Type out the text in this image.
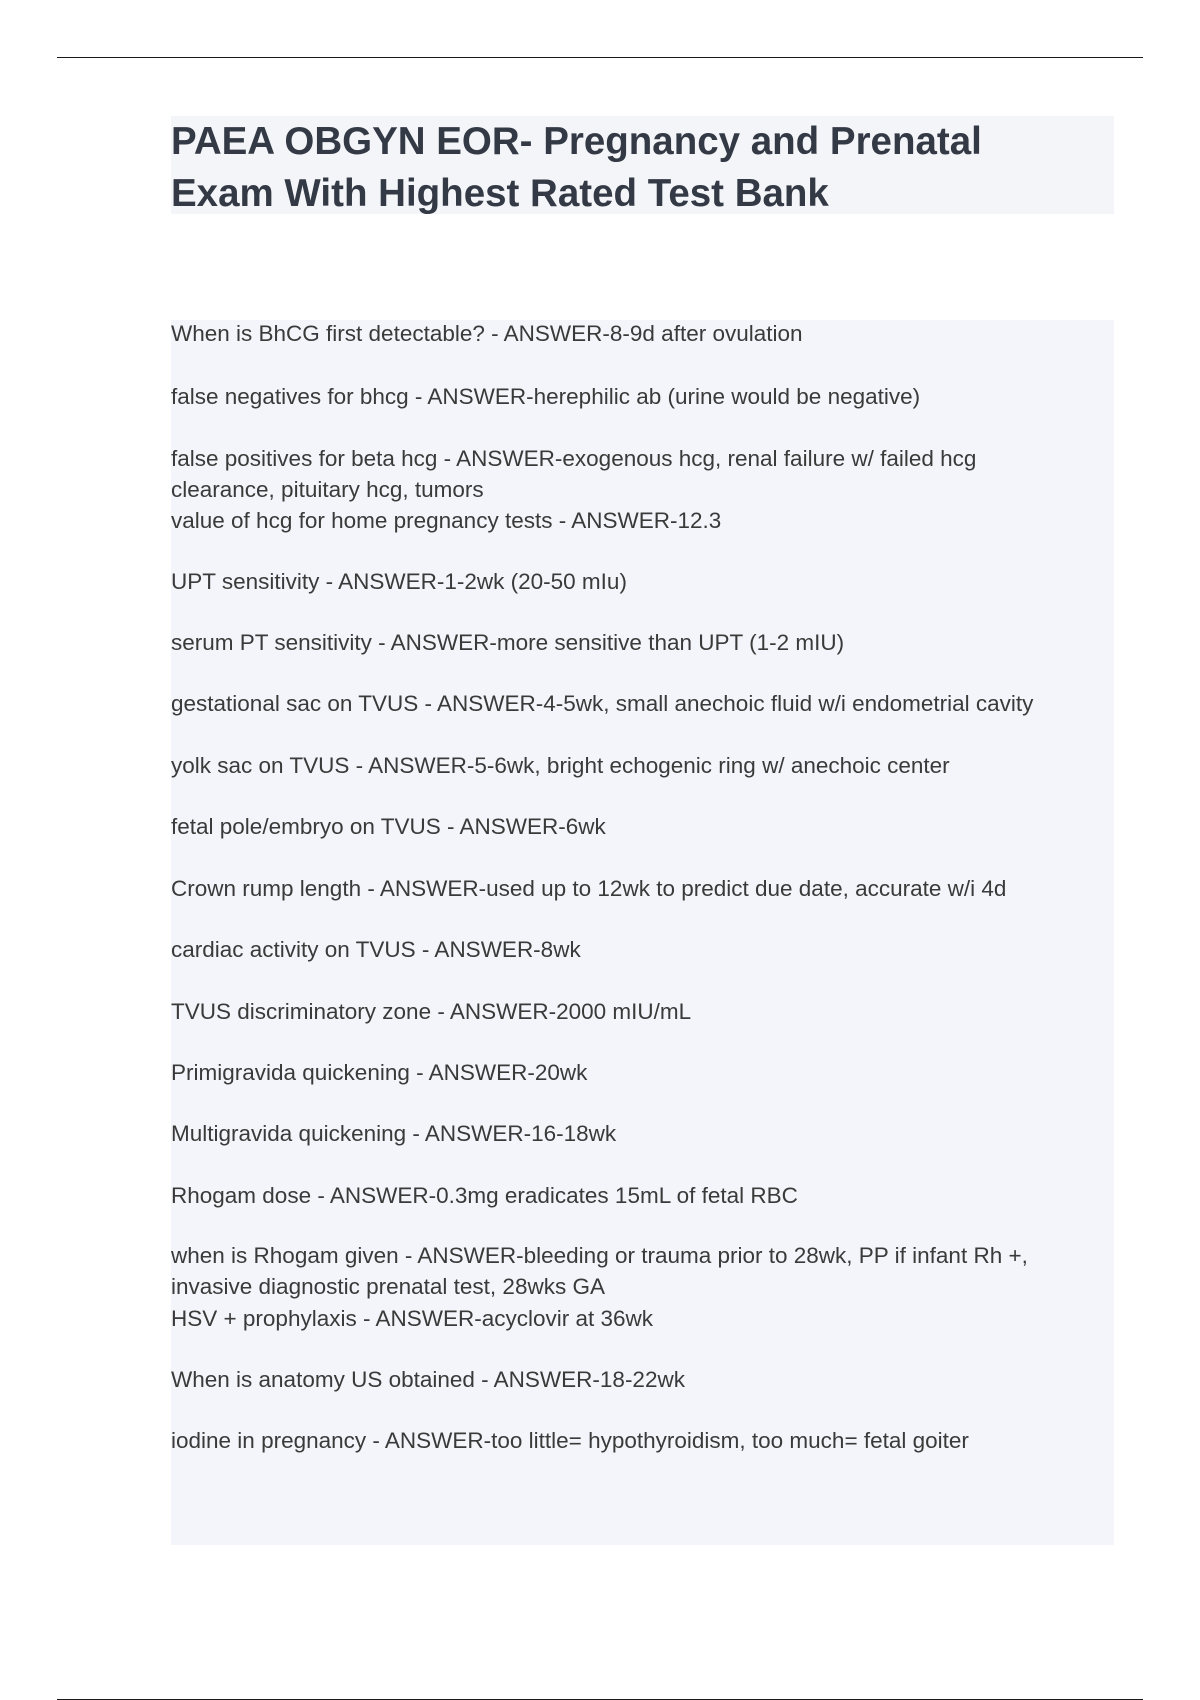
PAEA OBGYN EOR- Pregnancy and Prenatal
Exam With Highest Rated Test Bank
When is BhCG first detectable? - ANSWER-8-9d after ovulation
false negatives for bhcg - ANSWER-herephilic ab (urine would be negative)
false positives for beta hcg - ANSWER-exogenous hcg, renal failure w/ failed hcg
clearance, pituitary hcg, tumors
value of hcg for home pregnancy tests - ANSWER-12.3
UPT sensitivity - ANSWER-1-2wk (20-50 mIu)
serum PT sensitivity - ANSWER-more sensitive than UPT (1-2 mIU)
gestational sac on TVUS - ANSWER-4-5wk, small anechoic fluid w/i endometrial cavity
yolk sac on TVUS - ANSWER-5-6wk, bright echogenic ring w/ anechoic center
fetal pole/embryo on TVUS - ANSWER-6wk
Crown rump length - ANSWER-used up to 12wk to predict due date, accurate w/i 4d
cardiac activity on TVUS - ANSWER-8wk
TVUS discriminatory zone - ANSWER-2000 mIU/mL
Primigravida quickening - ANSWER-20wk
Multigravida quickening - ANSWER-16-18wk
Rhogam dose - ANSWER-0.3mg eradicates 15mL of fetal RBC
when is Rhogam given - ANSWER-bleeding or trauma prior to 28wk, PP if infant Rh +,
invasive diagnostic prenatal test, 28wks GA
HSV + prophylaxis - ANSWER-acyclovir at 36wk
When is anatomy US obtained - ANSWER-18-22wk
iodine in pregnancy - ANSWER-too little= hypothyroidism, too much= fetal goiter
